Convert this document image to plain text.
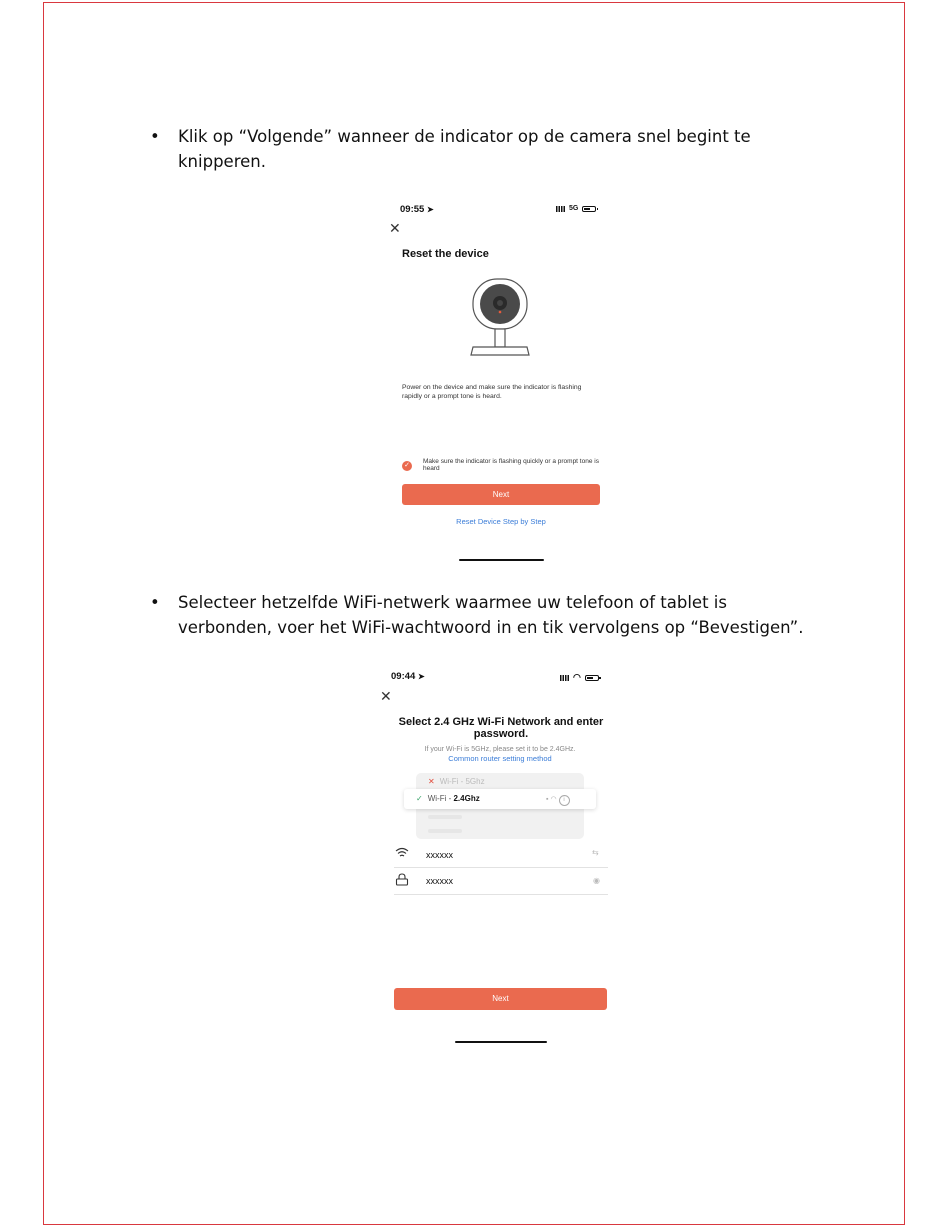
• Klik op “Volgende” wanneer de indicator op de camera snel begint te knipperen.
09:55 ➤	5G
✕
Reset the device
Power on the device and make sure the indicator is flashing rapidly or a prompt tone is heard.
✓
Make sure the indicator is flashing quickly or a prompt tone is heard
Next
Reset Device Step by Step
• Selecteer hetzelfde WiFi-netwerk waarmee uw telefoon of tablet is verbonden, voer het WiFi-wachtwoord in en tik vervolgens op “Bevestigen”.
09:44 ➤	◠
✕
Select 2.4 GHz Wi-Fi Network and enter password.
If your Wi-Fi is 5GHz, please set it to be 2.4GHz.
Common router setting method
✕ Wi-Fi -
5Ghz
✓ Wi-Fi -
2.4Ghz	▪ ◠ i
xxxxxx	⇆
xxxxxx	◉
Next
